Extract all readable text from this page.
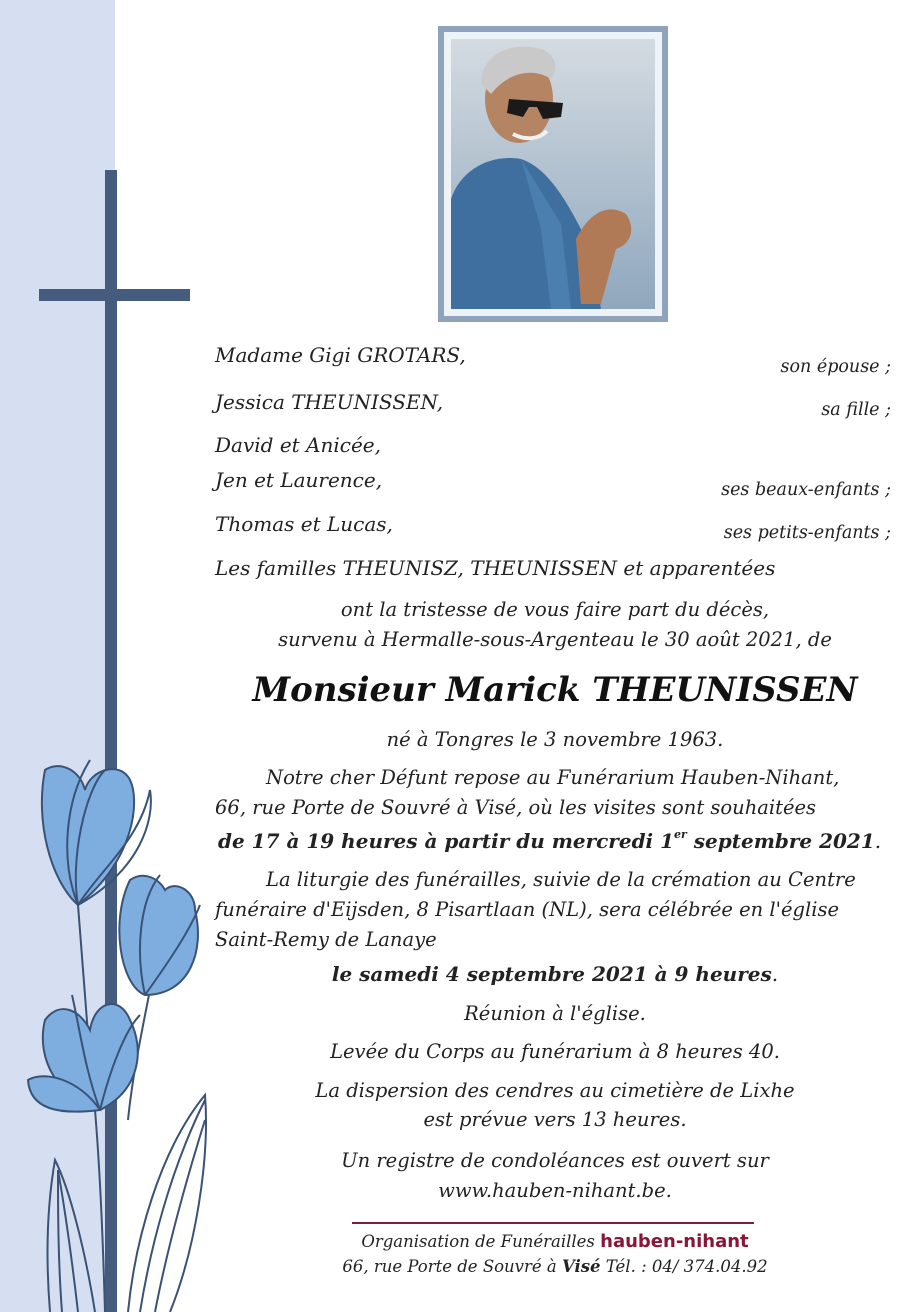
Madame Gigi GROTARS,	son épouse ;
Jessica THEUNISSEN,	sa fille ;
David et Anicée,
Jen et Laurence,	ses beaux-enfants ;
Thomas et Lucas,	ses petits-enfants ;
Les familles THEUNISZ, THEUNISSEN et apparentées
ont la tristesse de vous faire part du décès,
survenu à Hermalle-sous-Argenteau le 30 août 2021, de
Monsieur Marick THEUNISSEN
né à Tongres le 3 novembre 1963.
Notre cher Défunt repose au Funérarium Hauben-Nihant,
66, rue Porte de Souvré à Visé, où les visites sont souhaitées
de 17 à 19 heures à partir du mercredi 1er septembre 2021.
La liturgie des funérailles, suivie de la crémation au Centre
funéraire d'Eijsden, 8 Pisartlaan (NL), sera célébrée en l'église
Saint-Remy de Lanaye
le samedi 4 septembre 2021 à 9 heures.
Réunion à l'église.
Levée du Corps au funérarium à 8 heures 40.
La dispersion des cendres au cimetière de Lixhe
est prévue vers 13 heures.
Un registre de condoléances est ouvert sur
www.hauben-nihant.be.
Organisation de Funérailles hauben-nihant
66, rue Porte de Souvré à Visé Tél. : 04/ 374.04.92
